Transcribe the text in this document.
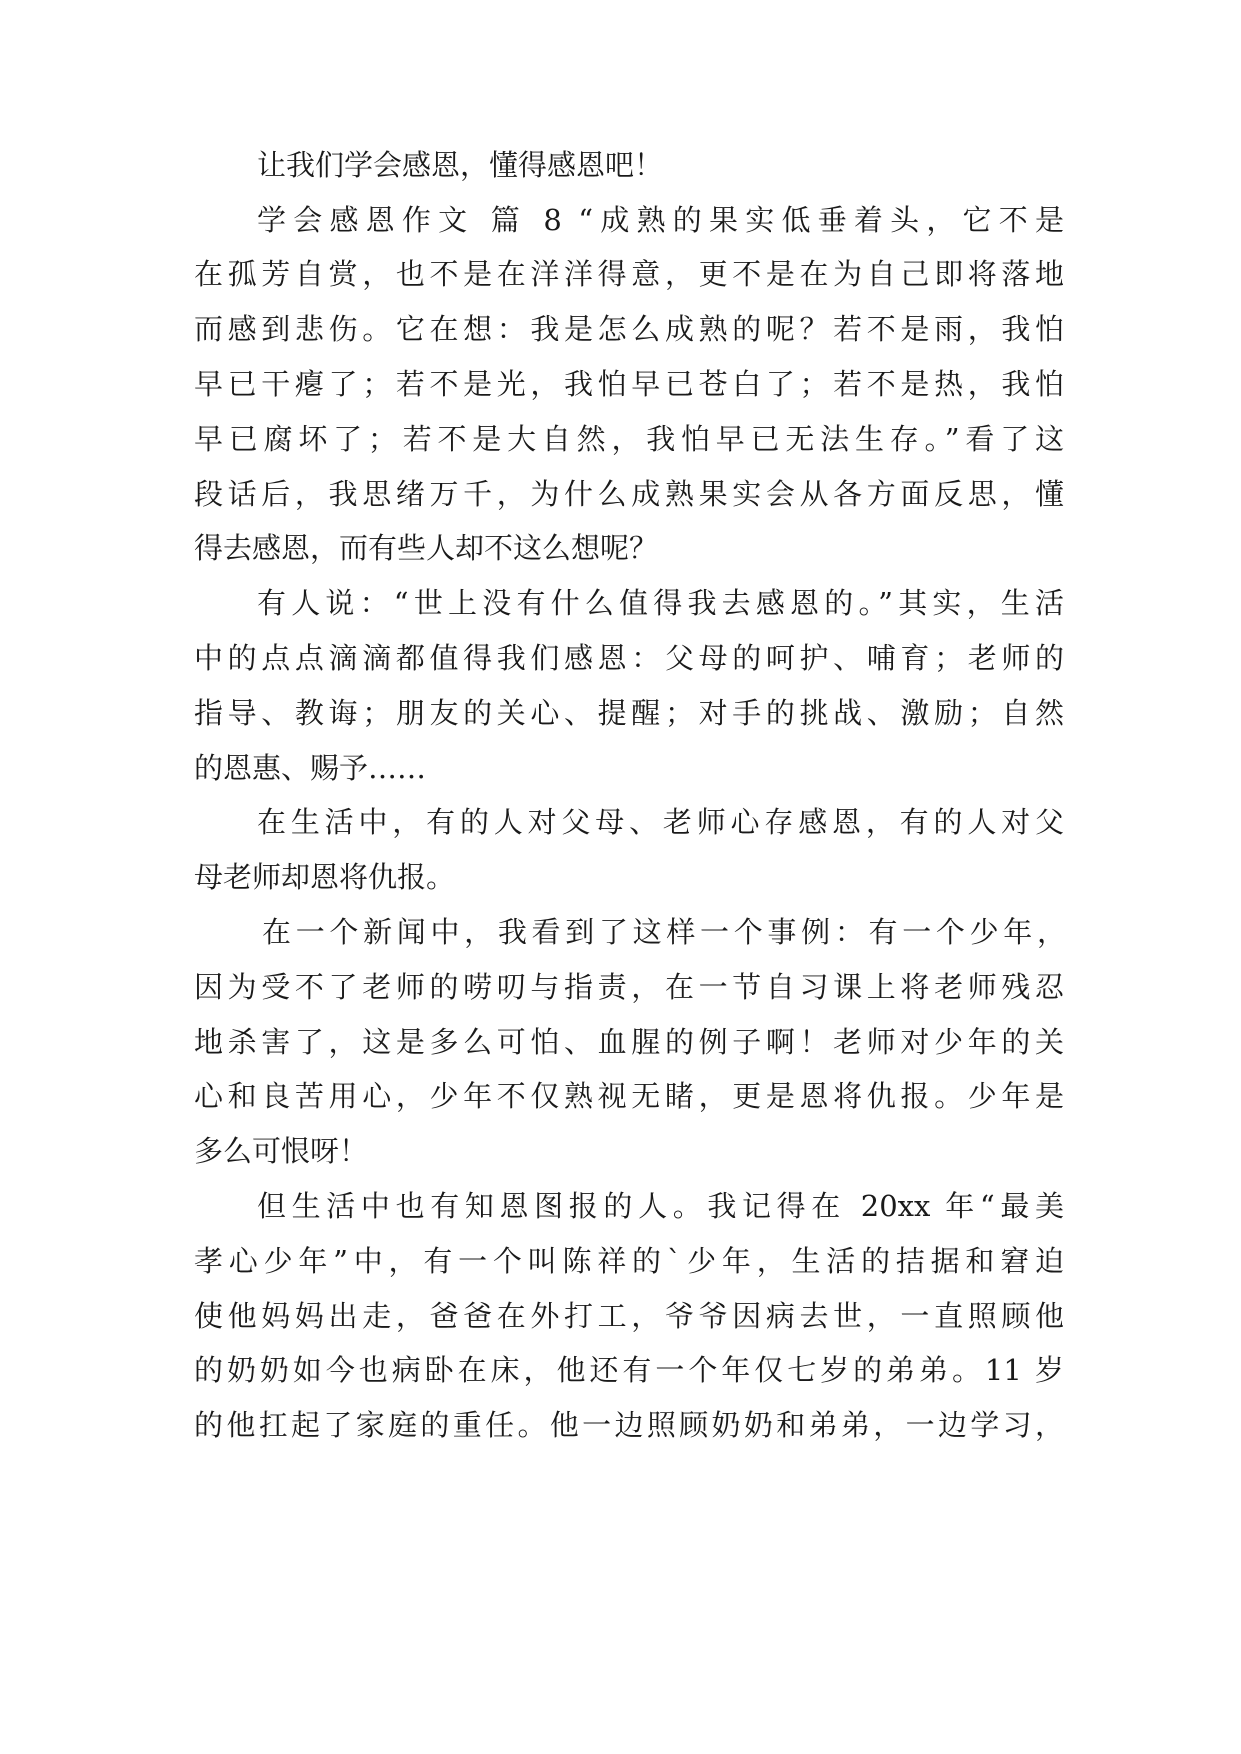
让我们学会感恩，懂得感恩吧！
学会感恩作文 篇 8 “成熟的果实低垂着头，它不是
在孤芳自赏，也不是在洋洋得意，更不是在为自己即将落地
而感到悲伤。它在想：我是怎么成熟的呢？若不是雨，我怕
早已干瘪了；若不是光，我怕早已苍白了；若不是热，我怕
早已腐坏了；若不是大自然，我怕早已无法生存。”看了这
段话后，我思绪万千，为什么成熟果实会从各方面反思，懂
得去感恩，而有些人却不这么想呢？
有人说：“世上没有什么值得我去感恩的。”其实，生活
中的点点滴滴都值得我们感恩：父母的呵护、哺育；老师的
指导、教诲；朋友的关心、提醒；对手的挑战、激励；自然
的恩惠、赐予……
在生活中，有的人对父母、老师心存感恩，有的人对父
母老师却恩将仇报。
在一个新闻中，我看到了这样一个事例：有一个少年，
因为受不了老师的唠叨与指责，在一节自习课上将老师残忍
地杀害了，这是多么可怕、血腥的例子啊！老师对少年的关
心和良苦用心，少年不仅熟视无睹，更是恩将仇报。少年是
多么可恨呀！
但生活中也有知恩图报的人。我记得在 20xx 年“最美
孝心少年”中，有一个叫陈祥的`少年，生活的拮据和窘迫
使他妈妈出走，爸爸在外打工，爷爷因病去世，一直照顾他
的奶奶如今也病卧在床，他还有一个年仅七岁的弟弟。11 岁
的他扛起了家庭的重任。他一边照顾奶奶和弟弟，一边学习，
